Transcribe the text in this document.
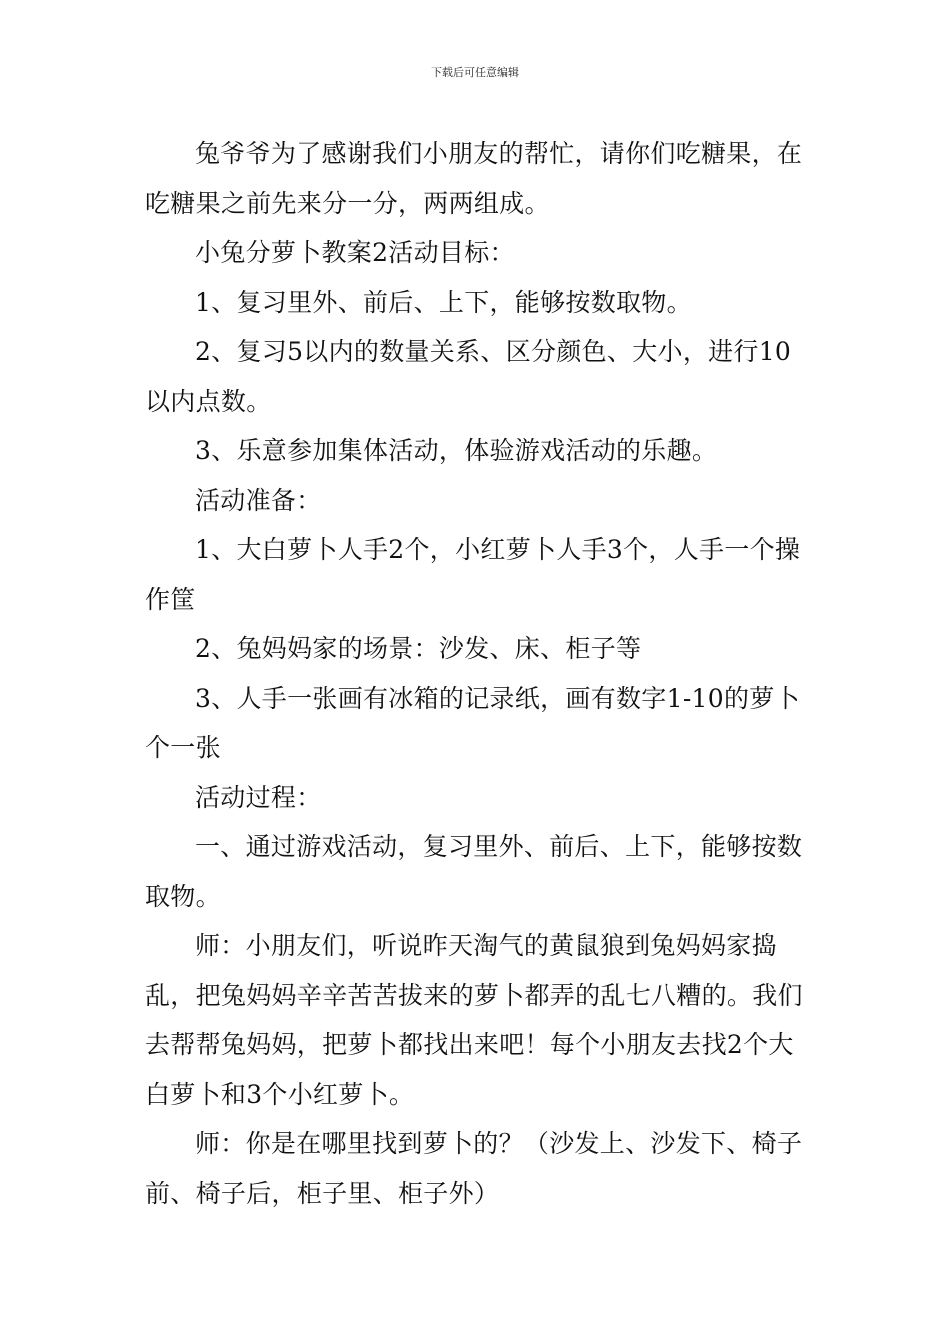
下载后可任意编辑

兔爷爷为了感谢我们小朋友的帮忙，请你们吃糖果，在吃糖果之前先来分一分，两两组成。

小兔分萝卜教案2活动目标：

1、复习里外、前后、上下，能够按数取物。

2、复习5以内的数量关系、区分颜色、大小，进行10以内点数。

3、乐意参加集体活动，体验游戏活动的乐趣。

活动准备：

1、大白萝卜人手2个，小红萝卜人手3个，人手一个操作筐

2、兔妈妈家的场景：沙发、床、柜子等

3、人手一张画有冰箱的记录纸，画有数字1-10的萝卜个一张

活动过程：

一、通过游戏活动，复习里外、前后、上下，能够按数取物。

师：小朋友们，听说昨天淘气的黄鼠狼到兔妈妈家捣乱，把兔妈妈辛辛苦苦拔来的萝卜都弄的乱七八糟的。我们去帮帮兔妈妈，把萝卜都找出来吧！每个小朋友去找2个大白萝卜和3个小红萝卜。

师：你是在哪里找到萝卜的？（沙发上、沙发下、椅子前、椅子后，柜子里、柜子外）
